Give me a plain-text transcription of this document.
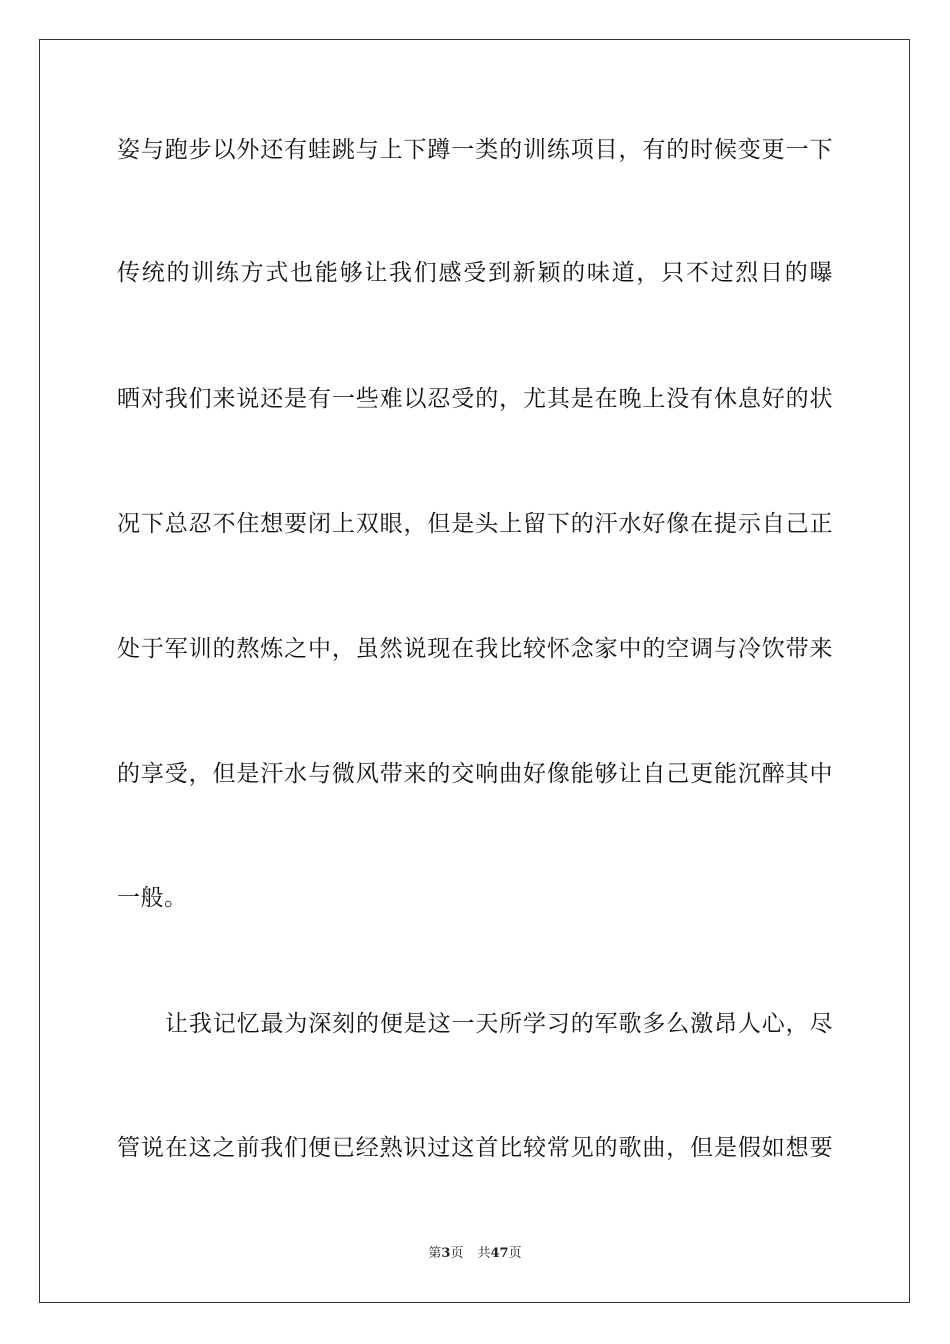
姿与跑步以外还有蛙跳与上下蹲一类的训练项目，有的时候变更一下
传统的训练方式也能够让我们感受到新颖的味道，只不过烈日的曝
晒对我们来说还是有一些难以忍受的，尤其是在晚上没有休息好的状
况下总忍不住想要闭上双眼，但是头上留下的汗水好像在提示自己正
处于军训的熬炼之中，虽然说现在我比较怀念家中的空调与冷饮带来
的享受，但是汗水与微风带来的交响曲好像能够让自己更能沉醉其中
一般。
让我记忆最为深刻的便是这一天所学习的军歌多么激昂人心，尽
管说在这之前我们便已经熟识过这首比较常见的歌曲，但是假如想要
第3页 共47页
